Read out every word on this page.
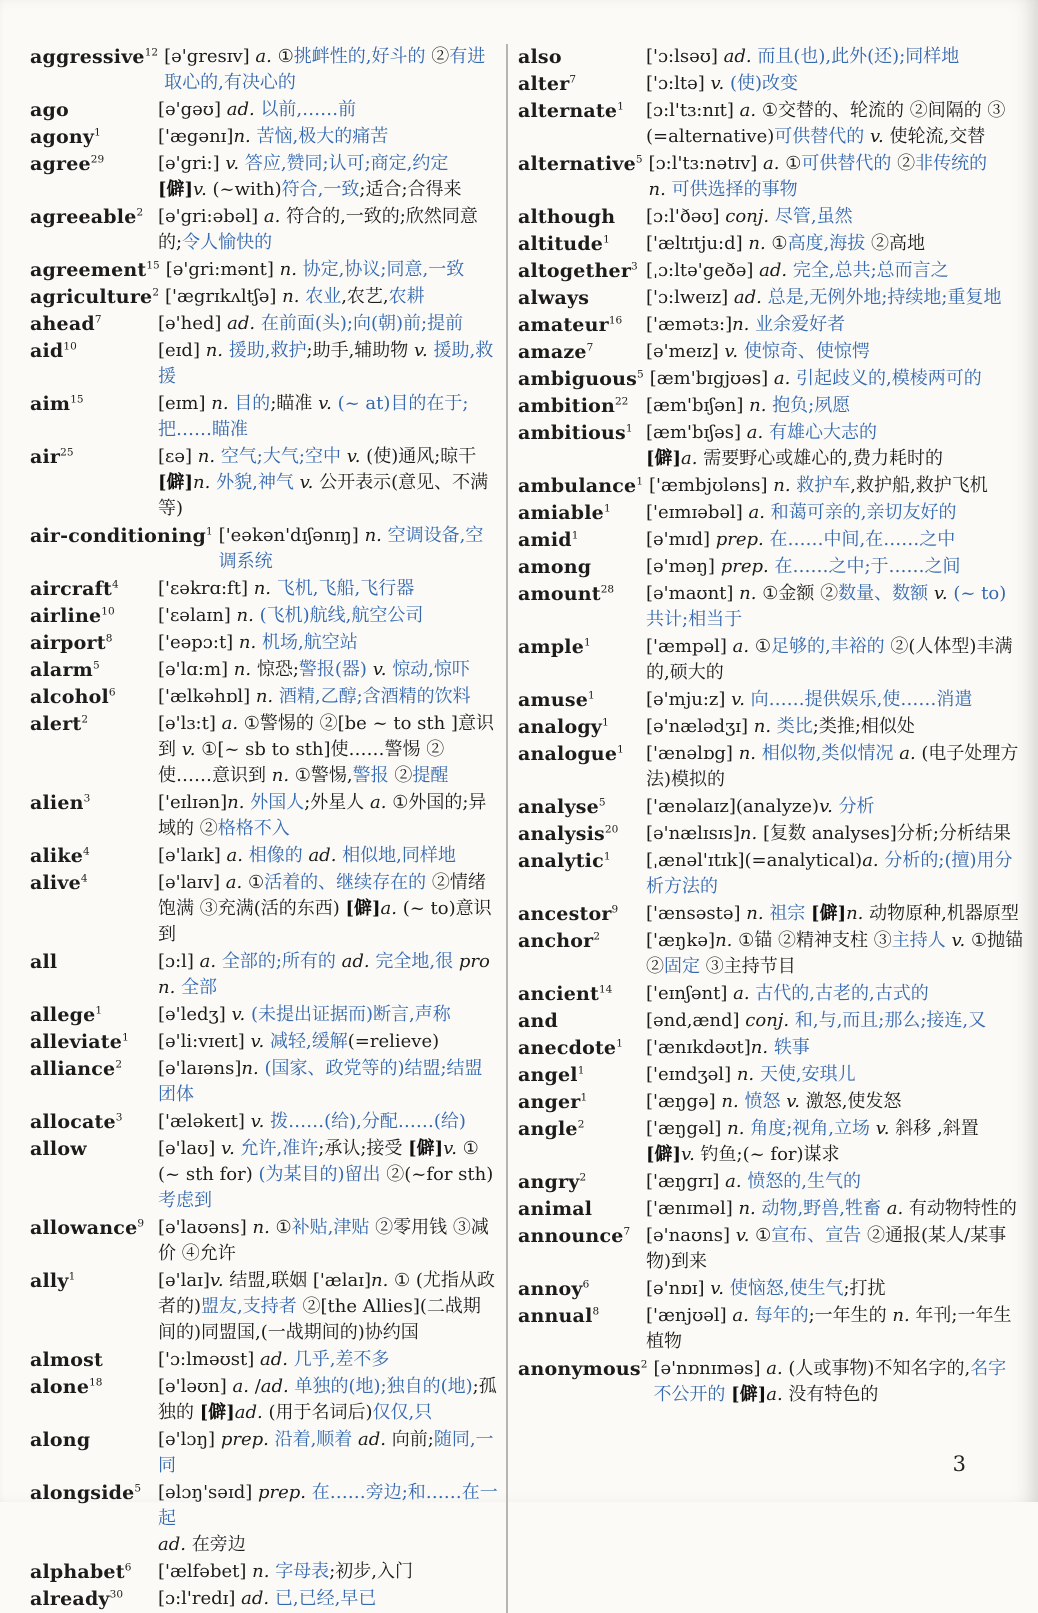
aggressive$^{12}$ [ə'gresɪv] a. ①挑衅性的,好斗的 ②有进取心的,有决心的
ago	[ə'gəʊ] ad. 以前,……前
agony$^1$	['ægənɪ]n. 苦恼,极大的痛苦
agree$^{29}$	[ə'gri:] v. 答应,赞同;认可;商定,约定
[僻]v. (~with)符合,一致;适合;合得来
agreeable$^2$ [ə'gri:əbəl] a. 符合的,一致的;欣然同意的;令人愉快的
agreement$^{15}$ [ə'gri:mənt] n. 协定,协议;同意,一致
agriculture$^2$ ['ægrɪkʌltʃə] n. 农业,农艺,农耕
ahead$^7$	[ə'hed] ad. 在前面(头);向(朝)前;提前
aid$^{10}$	[eɪd] n. 援助,救护;助手,辅助物 v. 援助,救援
aim$^{15}$	[eɪm] n. 目的;瞄准 v. (~ at)目的在于;把……瞄准
air$^{25}$	[ɛə] n. 空气;大气;空中 v. (使)通风;晾干
[僻]n. 外貌,神气 v. 公开表示(意见、不满等)
air-conditioning$^1$ ['eəkən'dɪʃənɪŋ] n. 空调设备,空调系统
aircraft$^4$	['ɛəkrɑ:ft] n. 飞机,飞船,飞行器
airline$^{10}$	['ɛəlaɪn] n. (飞机)航线,航空公司
airport$^8$	['eəpɔ:t] n. 机场,航空站
alarm$^5$	[ə'lɑ:m] n. 惊恐;警报(器) v. 惊动,惊吓
alcohol$^6$	['ælkəhɒl] n. 酒精,乙醇;含酒精的饮料
alert$^2$	[ə'lɜ:t] a. ①警惕的 ②[be ~ to sth ]意识到 v. ①[~ sb to sth]使……警惕 ②使……意识到 n. ①警惕,警报 ②提醒
alien$^3$	['eɪlɪən]n. 外国人;外星人 a. ①外国的;异域的 ②格格不入
alike$^4$	[ə'laɪk] a. 相像的 ad. 相似地,同样地
alive$^4$	[ə'laɪv] a. ①活着的、继续存在的 ②情绪饱满 ③充满(活的东西) [僻]a. (~ to)意识到
all	[ɔ:l] a. 全部的;所有的 ad. 完全地,很 pron. 全部
allege$^1$	[ə'ledʒ] v. (未提出证据而)断言,声称
alleviate$^1$	[ə'li:vɪeɪt] v. 减轻,缓解(=relieve)
alliance$^2$	[ə'laɪəns]n. (国家、政党等的)结盟;结盟团体
allocate$^3$	['æləkeɪt] v. 拨……(给),分配……(给)
allow	[ə'laʊ] v. 允许,准许;承认;接受 [僻]v. ①(~ sth for) (为某目的)留出 ②(~for sth)考虑到
allowance$^9$ [ə'laʊəns] n. ①补贴,津贴 ②零用钱 ③减价 ④允许
ally$^1$	[ə'laɪ]v. 结盟,联姻 ['ælaɪ]n. ① (尤指从政者的)盟友,支持者 ②[the Allies](二战期间的)同盟国,(一战期间的)协约国
almost	['ɔ:lməʊst] ad. 几乎,差不多
alone$^{18}$	[ə'ləʊn] a. /ad. 单独的(地);独自的(地);孤独的 [僻]ad. (用于名词后)仅仅,只
along	[ə'lɔŋ] prep. 沿着,顺着 ad. 向前;随同,一同
alongside$^5$ [əlɔŋ'səɪd] prep. 在……旁边;和……在一起
ad. 在旁边
alphabet$^6$	['ælfəbet] n. 字母表;初步,入门
already$^{30}$	[ɔ:l'redɪ] ad. 已,已经,早已
also	['ɔ:lsəʊ] ad. 而且(也),此外(还);同样地
alter$^7$	['ɔ:ltə] v. (使)改变
alternate$^1$	[ɔ:l'tɜ:nɪt] a. ①交替的、轮流的 ②间隔的 ③(=alternative)可供替代的 v. 使轮流,交替
alternative$^5$ [ɔ:l'tɜ:nətɪv] a. ①可供替代的 ②非传统的
n. 可供选择的事物
although	[ɔ:l'ðəʊ] conj. 尽管,虽然
altitude$^1$	['æltɪtju:d] n. ①高度,海拔 ②高地
altogether$^3$ [ˌɔ:ltə'geðə] ad. 完全,总共;总而言之
always	['ɔ:lweɪz] ad. 总是,无例外地;持续地;重复地
amateur$^{16}$	['æmətɜ:]n. 业余爱好者
amaze$^7$	[ə'meɪz] v. 使惊奇、使惊愕
ambiguous$^5$ [æm'bɪgjʊəs] a. 引起歧义的,模棱两可的
ambition$^{22}$ [æm'bɪʃən] n. 抱负;夙愿
ambitious$^1$ [æm'bɪʃəs] a. 有雄心大志的
[僻]a. 需要野心或雄心的,费力耗时的
ambulance$^1$ ['æmbjʊləns] n. 救护车,救护船,救护飞机
amiable$^1$	['eɪmɪəbəl] a. 和蔼可亲的,亲切友好的
amid$^1$	[ə'mɪd] prep. 在……中间,在……之中
among	[ə'məŋ] prep. 在……之中;于……之间
amount$^{28}$	[ə'maʊnt] n. ①金额 ②数量、数额 v. (~ to)共计;相当于
ample$^1$	['æmpəl] a. ①足够的,丰裕的 ②(人体型)丰满的,硕大的
amuse$^1$	[ə'mju:z] v. 向……提供娱乐,使……消遣
analogy$^1$	[ə'nælədʒɪ] n. 类比;类推;相似处
analogue$^1$	['ænəlɒg] n. 相似物,类似情况 a. (电子处理方法)模拟的
analyse$^5$	['ænəlaɪz](analyze)v. 分析
analysis$^{20}$	[ə'nælɪsɪs]n. [复数 analyses]分析;分析结果
analytic$^1$	[ˌænəl'ɪtɪk](=analytical)a. 分析的;(擅)用分析方法的
ancestor$^9$	['ænsəstə] n. 祖宗 [僻]n. 动物原种,机器原型
anchor$^2$	['æŋkə]n. ①锚 ②精神支柱 ③主持人 v. ①抛锚 ②固定 ③主持节目
ancient$^{14}$	['eɪnʃənt] a. 古代的,古老的,古式的
and	[ənd,ænd] conj. 和,与,而且;那么;接连,又
anecdote$^1$	['ænɪkdəʊt]n. 轶事
angel$^1$	['eɪndʒəl] n. 天使,安琪儿
anger$^1$	['æŋgə] n. 愤怒 v. 激怒,使发怒
angle$^2$	['æŋgəl] n. 角度;视角,立场 v. 斜移 ,斜置
[僻]v. 钓鱼;(~ for)谋求
angry$^2$	['æŋgrɪ] a. 愤怒的,生气的
animal	['ænɪməl] n. 动物,野兽,牲畜 a. 有动物特性的
announce$^7$ [ə'naʊns] v. ①宣布、宣告 ②通报(某人/某事物)到来
annoy$^6$	[ə'nɒɪ] v. 使恼怒,使生气;打扰
annual$^8$	['ænjʊəl] a. 每年的;一年生的 n. 年刊;一年生植物
anonymous$^2$ [ə'nɒnɪməs] a. (人或事物)不知名字的,名字不公开的 [僻]a. 没有特色的
3
